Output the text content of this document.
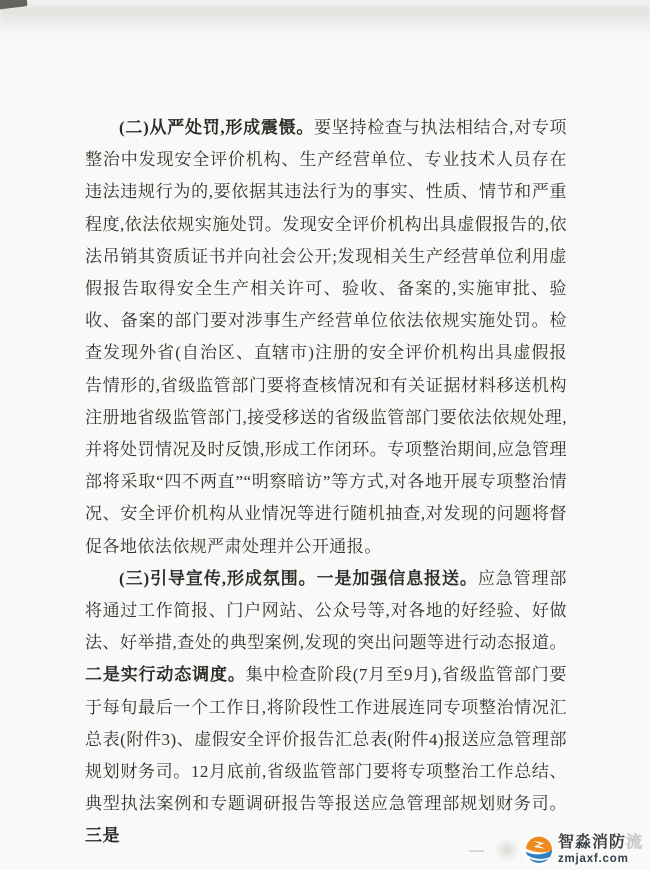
(二)从严处罚,形成震慑。要坚持检查与执法相结合,对专项整治中发现安全评价机构、生产经营单位、专业技术人员存在违法违规行为的,要依据其违法行为的事实、性质、情节和严重程度,依法依规实施处罚。发现安全评价机构出具虚假报告的,依法吊销其资质证书并向社会公开;发现相关生产经营单位利用虚假报告取得安全生产相关许可、验收、备案的,实施审批、验收、备案的部门要对涉事生产经营单位依法依规实施处罚。检查发现外省(自治区、直辖市)注册的安全评价机构出具虚假报告情形的,省级监管部门要将查核情况和有关证据材料移送机构注册地省级监管部门,接受移送的省级监管部门要依法依规处理,并将处罚情况及时反馈,形成工作闭环。专项整治期间,应急管理部将采取“四不两直”“明察暗访”等方式,对各地开展专项整治情况、安全评价机构从业情况等进行随机抽查,对发现的问题将督促各地依法依规严肃处理并公开通报。

(三)引导宣传,形成氛围。一是加强信息报送。应急管理部将通过工作简报、门户网站、公众号等,对各地的好经验、好做法、好举措,查处的典型案例,发现的突出问题等进行动态报道。二是实行动态调度。集中检查阶段(7月至9月),省级监管部门要于每旬最后一个工作日,将阶段性工作进展连同专项整治情况汇总表(附件3)、虚假安全评价报告汇总表(附件4)报送应急管理部规划财务司。12月底前,省级监管部门要将专项整治工作总结、典型执法案例和专题调研报告等报送应急管理部规划财务司。三是

—	智淼消防流
zmjaxf.com
